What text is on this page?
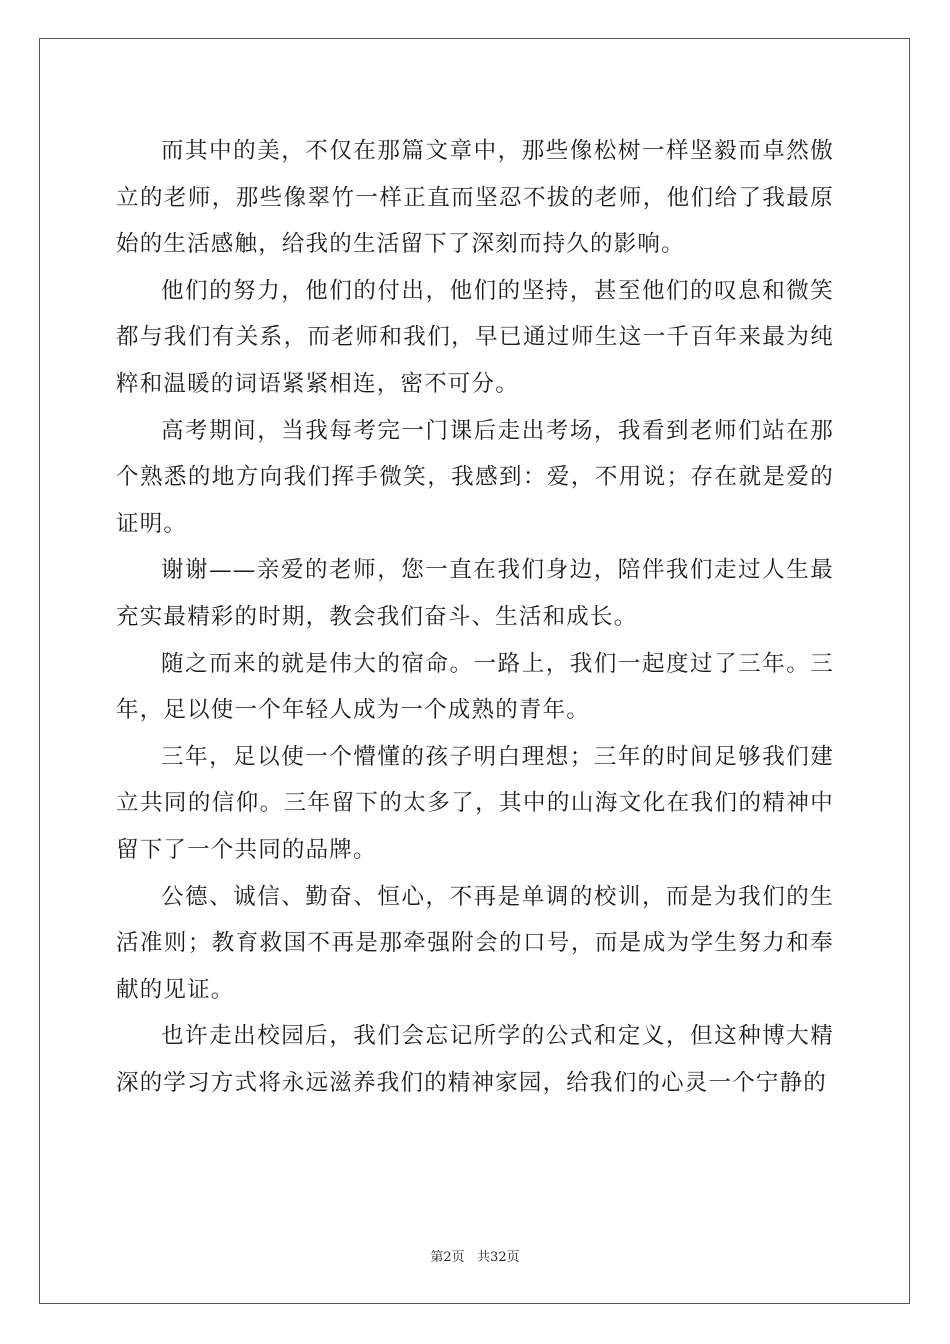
而其中的美，不仅在那篇文章中，那些像松树一样坚毅而卓然傲立的老师，那些像翠竹一样正直而坚忍不拔的老师，他们给了我最原始的生活感触，给我的生活留下了深刻而持久的影响。

他们的努力，他们的付出，他们的坚持，甚至他们的叹息和微笑都与我们有关系，而老师和我们，早已通过师生这一千百年来最为纯粹和温暖的词语紧紧相连，密不可分。

高考期间，当我每考完一门课后走出考场，我看到老师们站在那个熟悉的地方向我们挥手微笑，我感到：爱，不用说；存在就是爱的证明。

谢谢——亲爱的老师，您一直在我们身边，陪伴我们走过人生最充实最精彩的时期，教会我们奋斗、生活和成长。

随之而来的就是伟大的宿命。一路上，我们一起度过了三年。三年，足以使一个年轻人成为一个成熟的青年。

三年，足以使一个懵懂的孩子明白理想；三年的时间足够我们建立共同的信仰。三年留下的太多了，其中的山海文化在我们的精神中留下了一个共同的品牌。

公德、诚信、勤奋、恒心，不再是单调的校训，而是为我们的生活准则；教育救国不再是那牵强附会的口号，而是成为学生努力和奉献的见证。

也许走出校园后，我们会忘记所学的公式和定义，但这种博大精深的学习方式将永远滋养我们的精神家园，给我们的心灵一个宁静的

第2页   共32页
